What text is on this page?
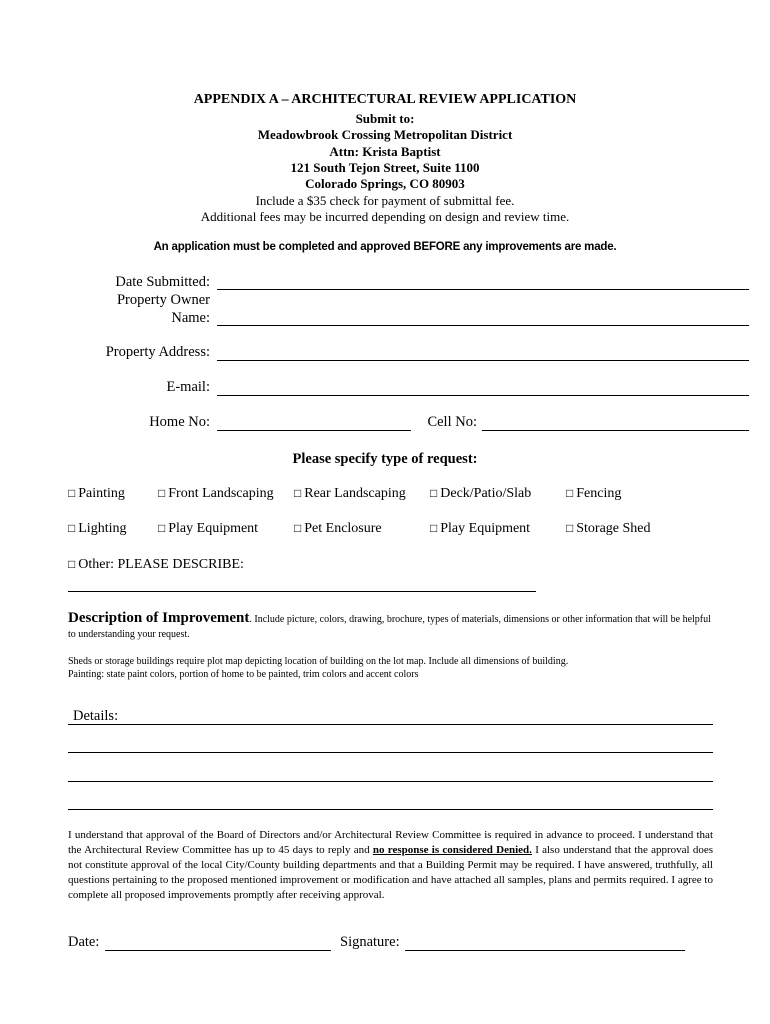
APPENDIX A – ARCHITECTURAL REVIEW APPLICATION
Submit to:
Meadowbrook Crossing Metropolitan District
Attn: Krista Baptist
121 South Tejon Street, Suite 1100
Colorado Springs, CO 80903
Include a $35 check for payment of submittal fee.
Additional fees may be incurred depending on design and review time.
An application must be completed and approved BEFORE any improvements are made.
Date Submitted:
Property Owner
Name:
Property Address:
E-mail:
Home No:	Cell No:
Please specify type of request:
□ Painting	□ Front Landscaping □ Rear Landscaping □ Deck/Patio/Slab	□ Fencing
□ Lighting	□ Play Equipment	□ Pet Enclosure	□ Play Equipment	□ Storage Shed
□ Other: PLEASE DESCRIBE:
Description of Improvement. Include picture, colors, drawing, brochure, types of materials, dimensions or other information that will be helpful to understanding your request.
Sheds or storage buildings require plot map depicting location of building on the lot map. Include all dimensions of building.
Painting: state paint colors, portion of home to be painted, trim colors and accent colors
Details:
I understand that approval of the Board of Directors and/or Architectural Review Committee is required in advance to proceed. I understand that the Architectural Review Committee has up to 45 days to reply and no response is considered Denied. I also understand that the approval does not constitute approval of the local City/County building departments and that a Building Permit may be required. I have answered, truthfully, all questions pertaining to the proposed mentioned improvement or modification and have attached all samples, plans and permits required. I agree to complete all proposed improvements promptly after receiving approval.
Date:	Signature:
